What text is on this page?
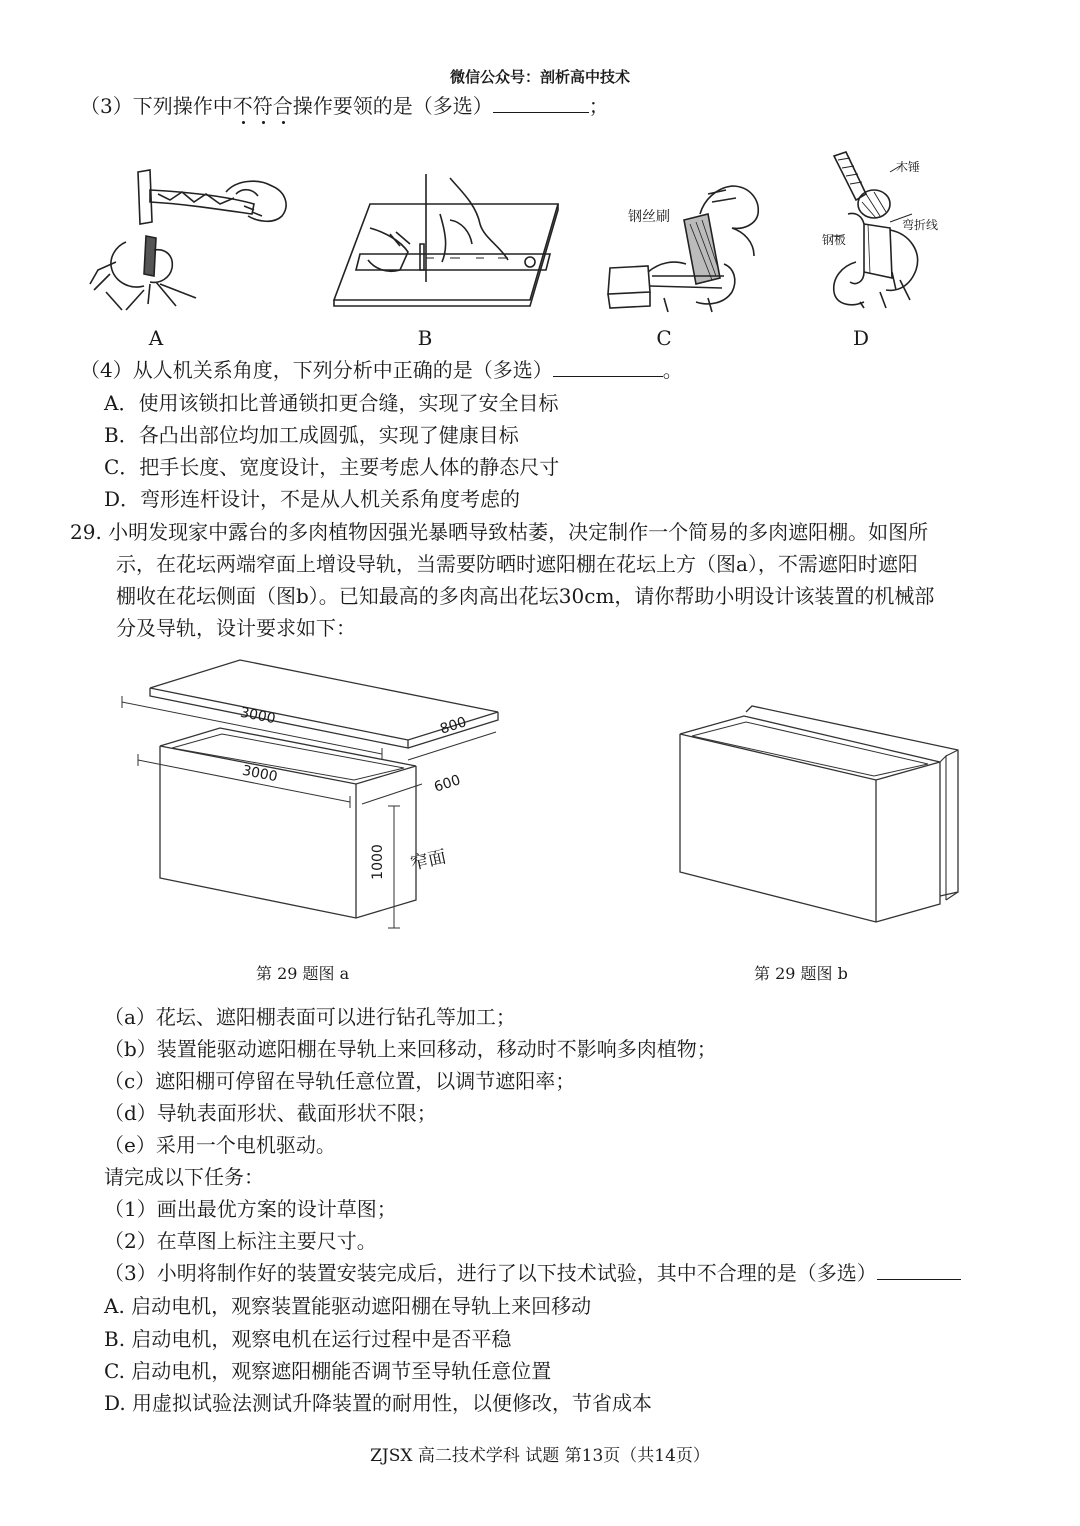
微信公众号：剖析高中技术
（3）下列操作中不符合操作要领的是（多选）	；
A	B
钢丝刷
C
木锤
弯折线
钢板
D
（4）从人机关系角度，下列分析中正确的是（多选）	。
A．使用该锁扣比普通锁扣更合缝，实现了安全目标
B．各凸出部位均加工成圆弧，实现了健康目标
C．把手长度、宽度设计，主要考虑人体的静态尺寸
D．弯形连杆设计，不是从人机关系角度考虑的
29. 小明发现家中露台的多肉植物因强光暴晒导致枯萎，决定制作一个简易的多肉遮阳棚。如图所
示，在花坛两端窄面上增设导轨，当需要防晒时遮阳棚在花坛上方（图a），不需遮阳时遮阳
棚收在花坛侧面（图b）。已知最高的多肉高出花坛30cm，请你帮助小明设计该装置的机械部
分及导轨，设计要求如下：
3000	800
3000	600
1000 窄面
第 29 题图 a	第 29 题图 b
（a）花坛、遮阳棚表面可以进行钻孔等加工；
（b）装置能驱动遮阳棚在导轨上来回移动，移动时不影响多肉植物；
（c）遮阳棚可停留在导轨任意位置，以调节遮阳率；
（d）导轨表面形状、截面形状不限；
（e）采用一个电机驱动。
请完成以下任务：
（1）画出最优方案的设计草图；
（2）在草图上标注主要尺寸。
（3）小明将制作好的装置安装完成后，进行了以下技术试验，其中不合理的是（多选）
A. 启动电机，观察装置能驱动遮阳棚在导轨上来回移动
B. 启动电机，观察电机在运行过程中是否平稳
C. 启动电机，观察遮阳棚能否调节至导轨任意位置
D. 用虚拟试验法测试升降装置的耐用性，以便修改，节省成本
ZJSX 高二技术学科 试题 第13页（共14页）
